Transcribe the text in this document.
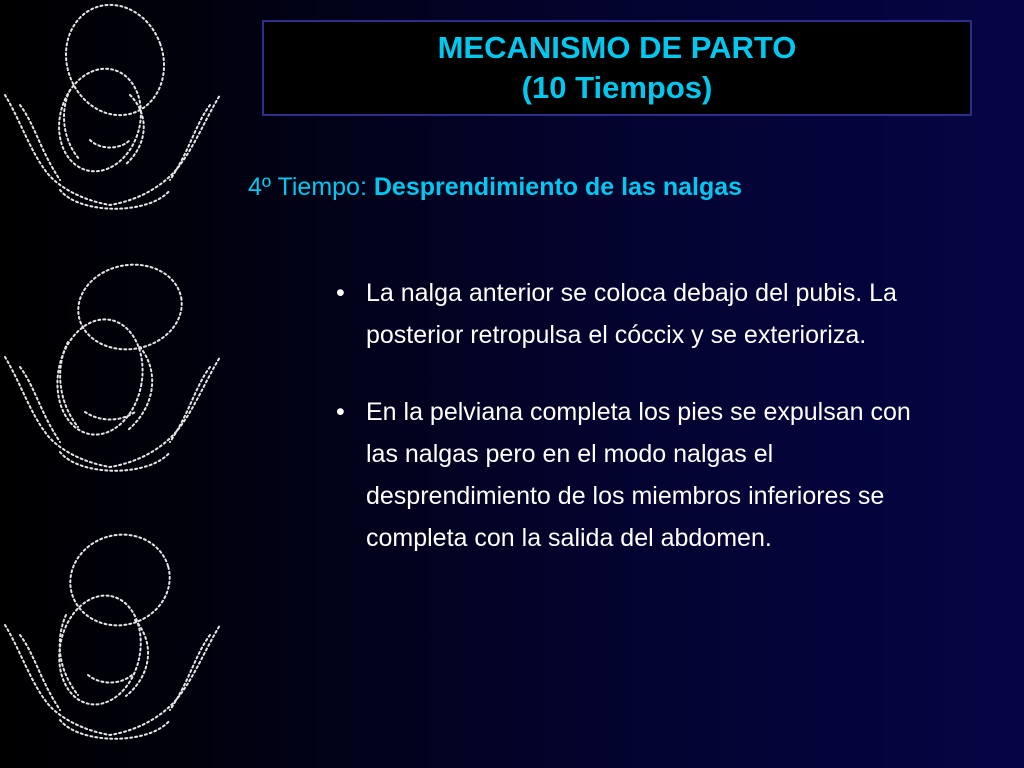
MECANISMO DE PARTO
(10 Tiempos)
4º Tiempo: Desprendimiento de las nalgas
• La nalga anterior se coloca debajo del pubis. La posterior retropulsa el cóccix y se exterioriza.
• En la pelviana completa los pies se expulsan con las nalgas pero en el modo nalgas el desprendimiento de los miembros inferiores se completa con la salida del abdomen.
